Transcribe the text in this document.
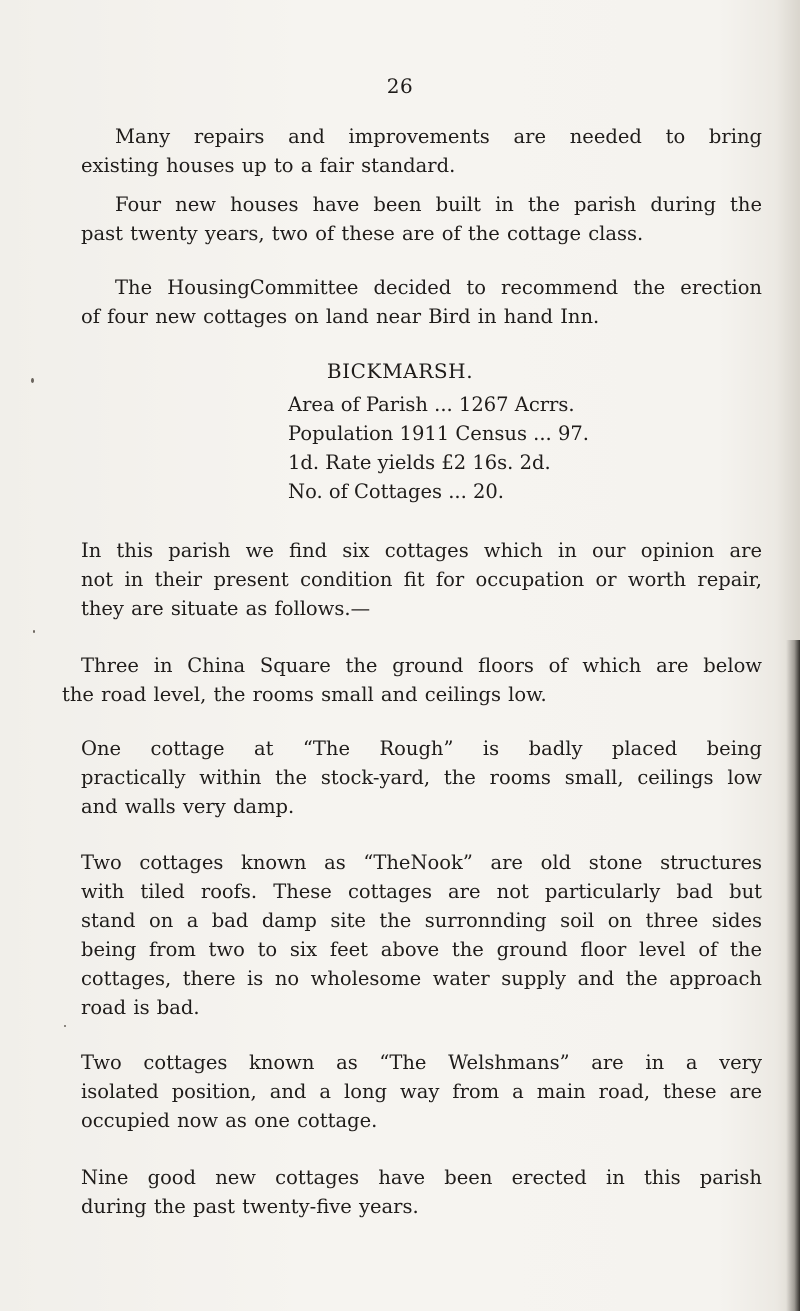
26
Many repairs and improvements are needed to bring
existing houses up to a fair standard.
Four new houses have been built in the parish during the
past twenty years, two of these are of the cottage class.
The HousingCommittee decided to recommend the erection
of four new cottages on land near Bird in hand Inn.
BICKMARSH.
Area of Parish ... 1267 Acrrs.
Population 1911 Census ... 97.
1d. Rate yields £2 16s. 2d.
No. of Cottages ... 20.
In this parish we find six cottages which in our opinion are
not in their present condition fit for occupation or worth repair,
they are situate as follows.—
Three in China Square the ground floors of which are below
the road level, the rooms small and ceilings low.
One cottage at “The Rough” is badly placed being
practically within the stock-yard, the rooms small, ceilings low
and walls very damp.
Two cottages known as “TheNook” are old stone structures
with tiled roofs. These cottages are not particularly bad but
stand on a bad damp site the surronnding soil on three sides
being from two to six feet above the ground floor level of the
cottages, there is no wholesome water supply and the approach
road is bad.
Two cottages known as “The Welshmans” are in a very
isolated position, and a long way from a main road, these are
occupied now as one cottage.
Nine good new cottages have been erected in this parish
during the past twenty-five years.
